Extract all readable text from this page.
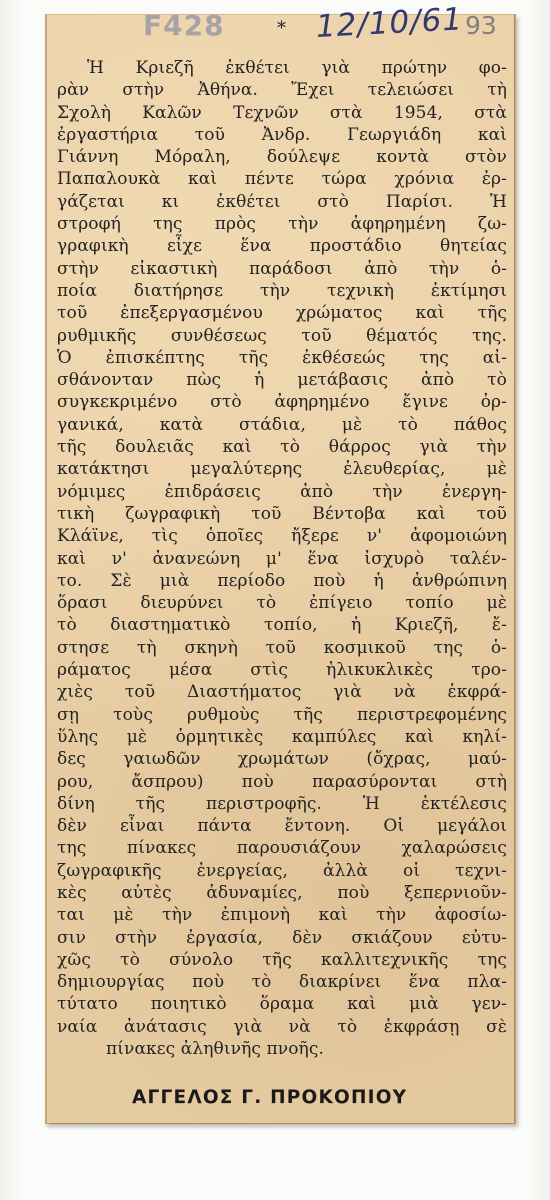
F428	* 12/10/61 93
Ἡ Κριεζῆ ἐκθέτει γιὰ πρώτην φο-
ρὰν στὴν Ἀθήνα. Ἔχει τελειώσει τὴ
Σχολὴ Καλῶν Τεχνῶν στὰ 1954, στὰ
ἐργαστήρια τοῦ Ἀνδρ. Γεωργιάδη καὶ
Γιάννη Μόραλη, δούλεψε κοντὰ στὸν
Παπαλουκὰ καὶ πέντε τώρα χρόνια ἐρ-
γάζεται κι ἐκθέτει στὸ Παρίσι. Ἡ
στροφή της πρὸς τὴν ἀφηρημένη ζω-
γραφικὴ εἶχε ἕνα προστάδιο θητείας
στὴν εἰκαστικὴ παράδοσι ἀπὸ τὴν ὁ-
ποία διατήρησε τὴν τεχνικὴ ἐκτίμησι
τοῦ ἐπεξεργασμένου χρώματος καὶ τῆς
ρυθμικῆς συνθέσεως τοῦ θέματός της.
Ὁ ἐπισκέπτης τῆς ἐκθέσεώς της αἰ-
σθάνονταν πὼς ἡ μετάβασις ἀπὸ τὸ
συγκεκριμένο στὸ ἀφηρημένο ἔγινε ὀρ-
γανικά, κατὰ στάδια, μὲ τὸ πάθος
τῆς δουλειᾶς καὶ τὸ θάρρος γιὰ τὴν
κατάκτησι μεγαλύτερης ἐλευθερίας, μὲ
νόμιμες ἐπιδράσεις ἀπὸ τὴν ἐνεργη-
τικὴ ζωγραφικὴ τοῦ Βέντοβα καὶ τοῦ
Κλάϊνε, τὶς ὁποῖες ἤξερε ν' ἀφομοιώνη
καὶ ν' ἀνανεώνη μ' ἕνα ἰσχυρὸ ταλέν-
το. Σὲ μιὰ περίοδο ποὺ ἡ ἀνθρώπινη
ὅρασι διευρύνει τὸ ἐπίγειο τοπίο μὲ
τὸ διαστηματικὸ τοπίο, ἡ Κριεζῆ, ἔ-
στησε τὴ σκηνὴ τοῦ κοσμικοῦ της ὁ-
ράματος μέσα στὶς ἡλικυκλικὲς τρο-
χιὲς τοῦ Διαστήματος γιὰ νὰ ἐκφρά-
σῃ τοὺς ρυθμοὺς τῆς περιστρεφομένης
ὕλης μὲ ὁρμητικὲς καμπύλες καὶ κηλί-
δες γαιωδῶν χρωμάτων (ὄχρας, μαύ-
ρου, ἄσπρου) ποὺ παρασύρονται στὴ
δίνη τῆς περιστροφῆς. Ἡ ἐκτέλεσις
δὲν εἶναι πάντα ἔντονη. Οἱ μεγάλοι
της πίνακες παρουσιάζουν χαλαρώσεις
ζωγραφικῆς ἐνεργείας, ἀλλὰ οἱ τεχνι-
κὲς αὐτὲς ἀδυναμίες, ποὺ ξεπερνιοῦν-
ται μὲ τὴν ἐπιμονὴ καὶ τὴν ἀφοσίω-
σιν στὴν ἐργασία, δὲν σκιάζουν εὐτυ-
χῶς τὸ σύνολο τῆς καλλιτεχνικῆς της
δημιουργίας ποὺ τὸ διακρίνει ἕνα πλα-
τύτατο ποιητικὸ ὅραμα καὶ μιὰ γεν-
ναία ἀνάτασις γιὰ νὰ τὸ ἐκφράσῃ σὲ
πίνακες ἀληθινῆς πνοῆς.
ΑΓΓΕΛΟΣ Γ. ΠΡΟΚΟΠΙΟΥ
